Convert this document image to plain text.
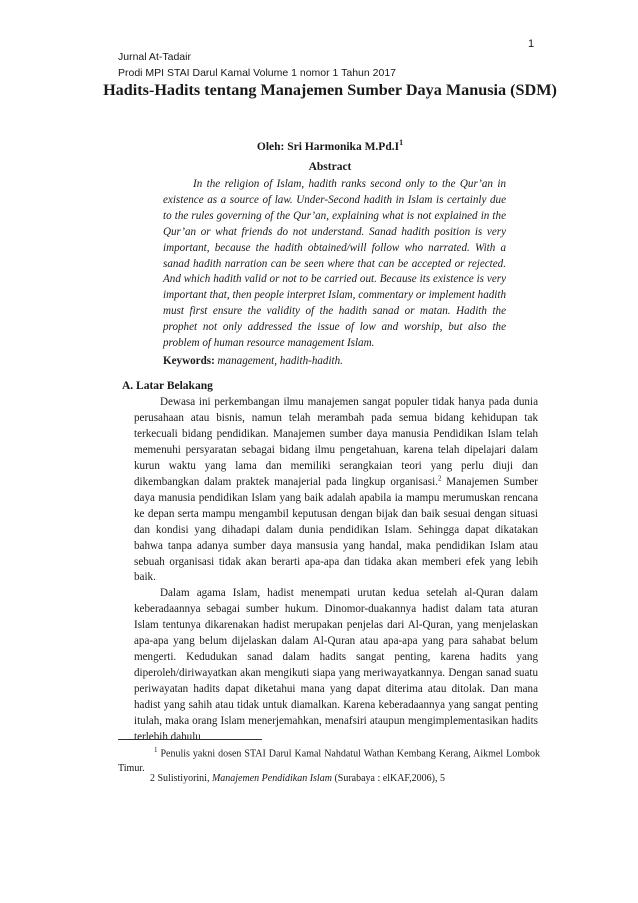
1
Jurnal At-Tadair
Prodi MPI STAI Darul Kamal Volume 1 nomor 1 Tahun 2017
Hadits-Hadits tentang Manajemen Sumber Daya Manusia (SDM)
Oleh: Sri Harmonika $M.Pd.I^1$
Abstract

In the religion of Islam, hadith ranks second only to the Qur’an in existence as a source of law. Under-Second hadith in Islam is certainly due to the rules governing of the Qur’an, explaining what is not explained in the Qur’an or what friends do not understand. Sanad hadith position is very important, because the hadith obtained/will follow who narrated. With a sanad hadith narration can be seen where that can be accepted or rejected. And which hadith valid or not to be carried out. Because its existence is very important that, then people interpret Islam, commentary or implement hadith must first ensure the validity of the hadith sanad or matan. Hadith the prophet not only addressed the issue of low and worship, but also the problem of human resource management Islam.

Keywords: management, hadith-hadith.
A. Latar Belakang

Dewasa ini perkembangan ilmu manajemen sangat populer tidak hanya pada dunia perusahaan atau bisnis, namun telah merambah pada semua bidang kehidupan tak terkecuali bidang pendidikan. Manajemen sumber daya manusia Pendidikan Islam telah memenuhi persyaratan sebagai bidang ilmu pengetahuan, karena telah dipelajari dalam kurun waktu yang lama dan memiliki serangkaian teori yang perlu diuji dan dikembangkan dalam praktek manajerial pada lingkup organisasi.$^2$ Manajemen Sumber daya manusia pendidikan Islam yang baik adalah apabila ia mampu merumuskan rencana ke depan serta mampu mengambil keputusan dengan bijak dan baik sesuai dengan situasi dan kondisi yang dihadapi dalam dunia pendidikan Islam. Sehingga dapat dikatakan bahwa tanpa adanya sumber daya mansusia yang handal, maka pendidikan Islam atau sebuah organisasi tidak akan berarti apa-apa dan tidaka akan memberi efek yang lebih baik.

Dalam agama Islam, hadist menempati urutan kedua setelah al-Quran dalam keberadaannya sebagai sumber hukum. Dinomor-duakannya hadist dalam tata aturan Islam tentunya dikarenakan hadist merupakan penjelas dari Al-Quran, yang menjelaskan apa-apa yang belum dijelaskan dalam Al-Quran atau apa-apa yang para sahabat belum mengerti. Kedudukan sanad dalam hadits sangat penting, karena hadits yang diperoleh/diriwayatkan akan mengikuti siapa yang meriwayatkannya. Dengan sanad suatu periwayatan hadits dapat diketahui mana yang dapat diterima atau ditolak. Dan mana hadist yang sahih atau tidak untuk diamalkan. Karena keberadaannya yang sangat penting itulah, maka orang Islam menerjemahkan, menafsiri ataupun mengimplementasikan hadits terlebih dahulu

$^1$ Penulis yakni dosen STAI Darul Kamal Nahdatul Wathan Kembang Kerang, Aikmel Lombok Timur.

2 Sulistiyorini, Manajemen Pendidikan Islam (Surabaya : elKAF,2006), 5
